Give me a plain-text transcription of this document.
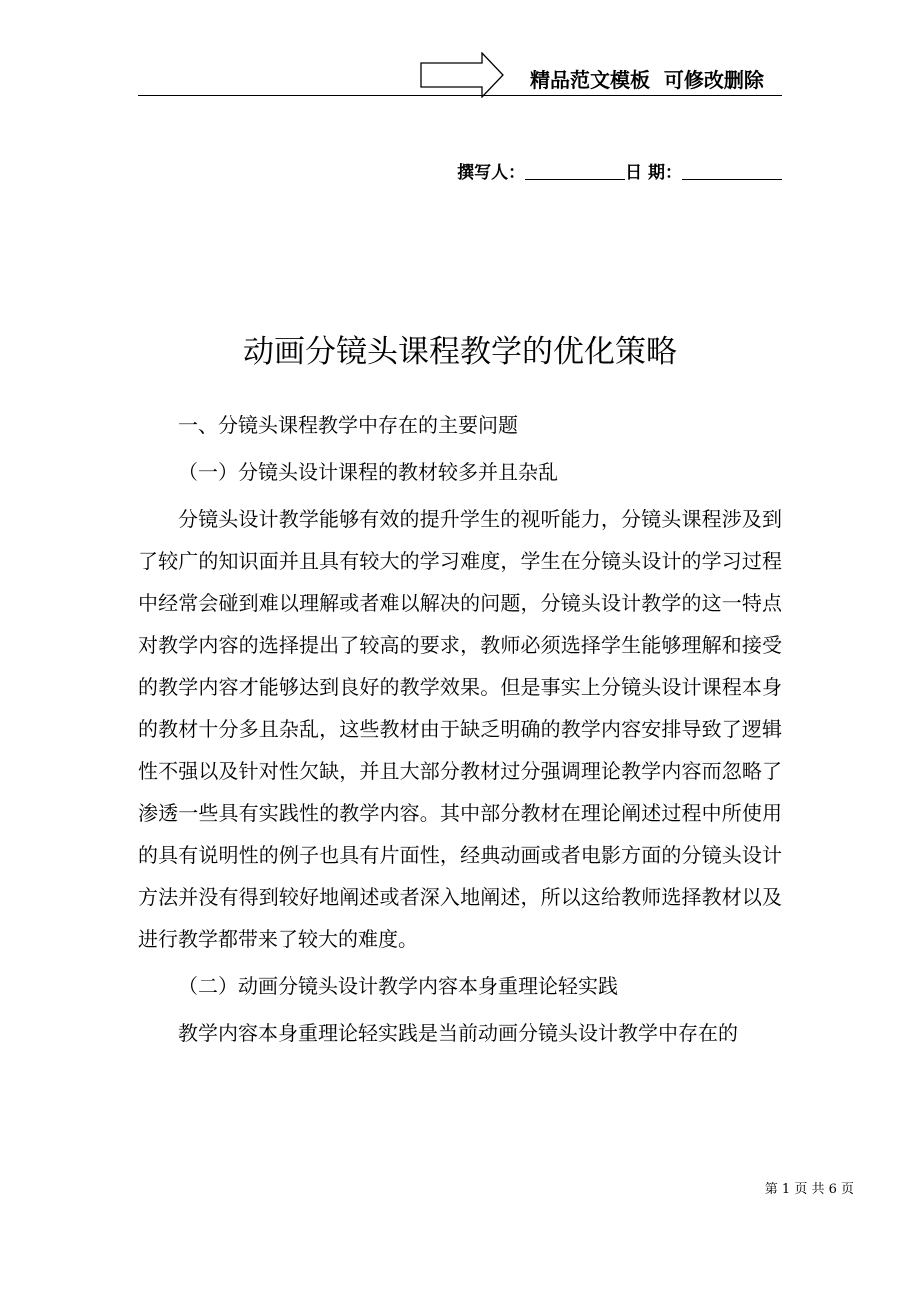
精品范文模板  可修改删除
撰写人：	日 期：
动画分镜头课程教学的优化策略

一、分镜头课程教学中存在的主要问题

（一）分镜头设计课程的教材较多并且杂乱

分镜头设计教学能够有效的提升学生的视听能力，分镜头课程涉及到了较广的知识面并且具有较大的学习难度，学生在分镜头设计的学习过程中经常会碰到难以理解或者难以解决的问题，分镜头设计教学的这一特点对教学内容的选择提出了较高的要求，教师必须选择学生能够理解和接受的教学内容才能够达到良好的教学效果。但是事实上分镜头设计课程本身的教材十分多且杂乱，这些教材由于缺乏明确的教学内容安排导致了逻辑性不强以及针对性欠缺，并且大部分教材过分强调理论教学内容而忽略了渗透一些具有实践性的教学内容。其中部分教材在理论阐述过程中所使用的具有说明性的例子也具有片面性，经典动画或者电影方面的分镜头设计方法并没有得到较好地阐述或者深入地阐述，所以这给教师选择教材以及进行教学都带来了较大的难度。

（二）动画分镜头设计教学内容本身重理论轻实践

教学内容本身重理论轻实践是当前动画分镜头设计教学中存在的

第 1 页 共 6 页
